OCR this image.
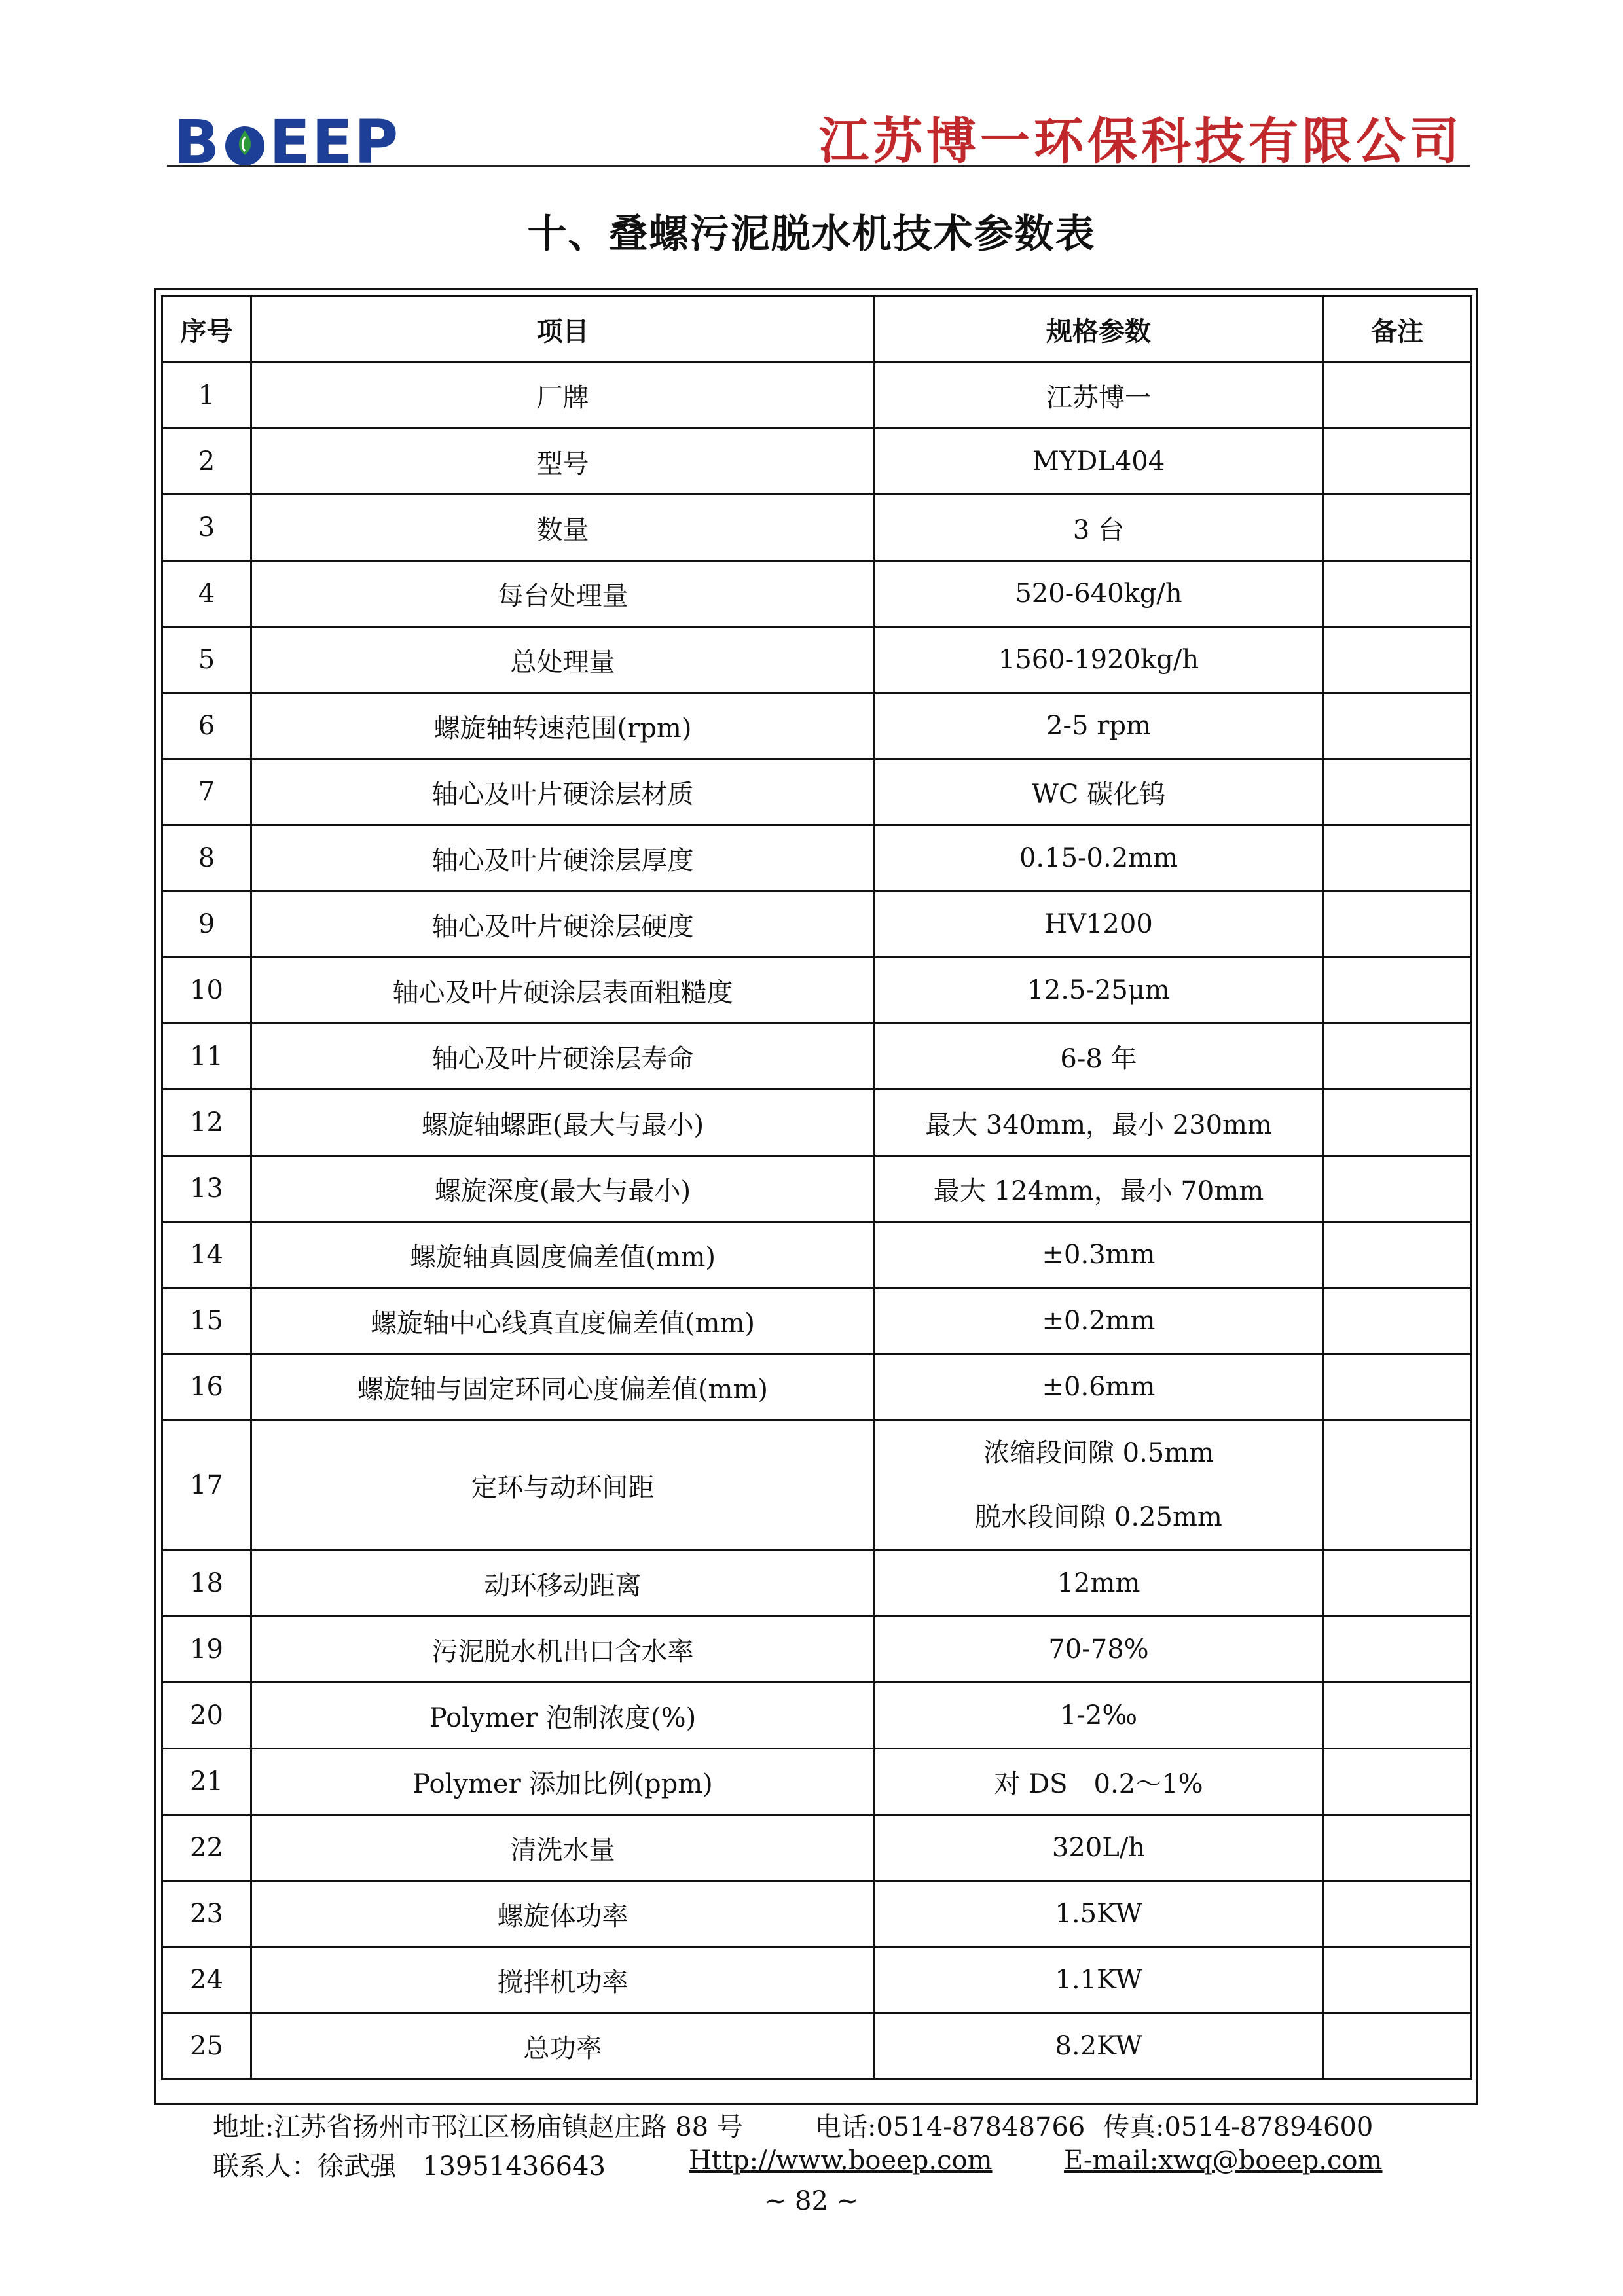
B EEP	江苏博一环保科技有限公司
十、叠螺污泥脱水机技术参数表
序号	项目	规格参数	备注
1	厂牌	江苏博一	
2	型号	MYDL404	
3	数量	3 台	
4	每台处理量	520-640kg/h	
5	总处理量	1560-1920kg/h	
6	螺旋轴转速范围(rpm)	2-5 rpm	
7	轴心及叶片硬涂层材质	WC 碳化钨	
8	轴心及叶片硬涂层厚度	0.15-0.2mm	
9	轴心及叶片硬涂层硬度	HV1200	
10	轴心及叶片硬涂层表面粗糙度	12.5-25μm	
11	轴心及叶片硬涂层寿命	6-8 年	
12	螺旋轴螺距(最大与最小)	最大 340mm，最小 230mm	
13	螺旋深度(最大与最小)	最大 124mm，最小 70mm	
14	螺旋轴真圆度偏差值(mm)	±0.3mm	
15	螺旋轴中心线真直度偏差值(mm)	±0.2mm	
16	螺旋轴与固定环同心度偏差值(mm)	±0.6mm	
17	定环与动环间距	浓缩段间隙 0.5mm
脱水段间隙 0.25mm	

18	动环移动距离	12mm	
19	污泥脱水机出口含水率	70-78%	
20	Polymer 泡制浓度(%)	1-2‰	
21	Polymer 添加比例(ppm)	对 DS　0.2～1%	
22	清洗水量	320L/h	
23	螺旋体功率	1.5KW	
24	搅拌机功率	1.1KW	
25	总功率	8.2KW	
地址:江苏省扬州市邗江区杨庙镇赵庄路 88 号	电话:0514-87848766 传真:0514-87894600
联系人：徐武强　13951436643	Http://www.boeep.com	E-mail:xwq@boeep.com
~ 82 ~
